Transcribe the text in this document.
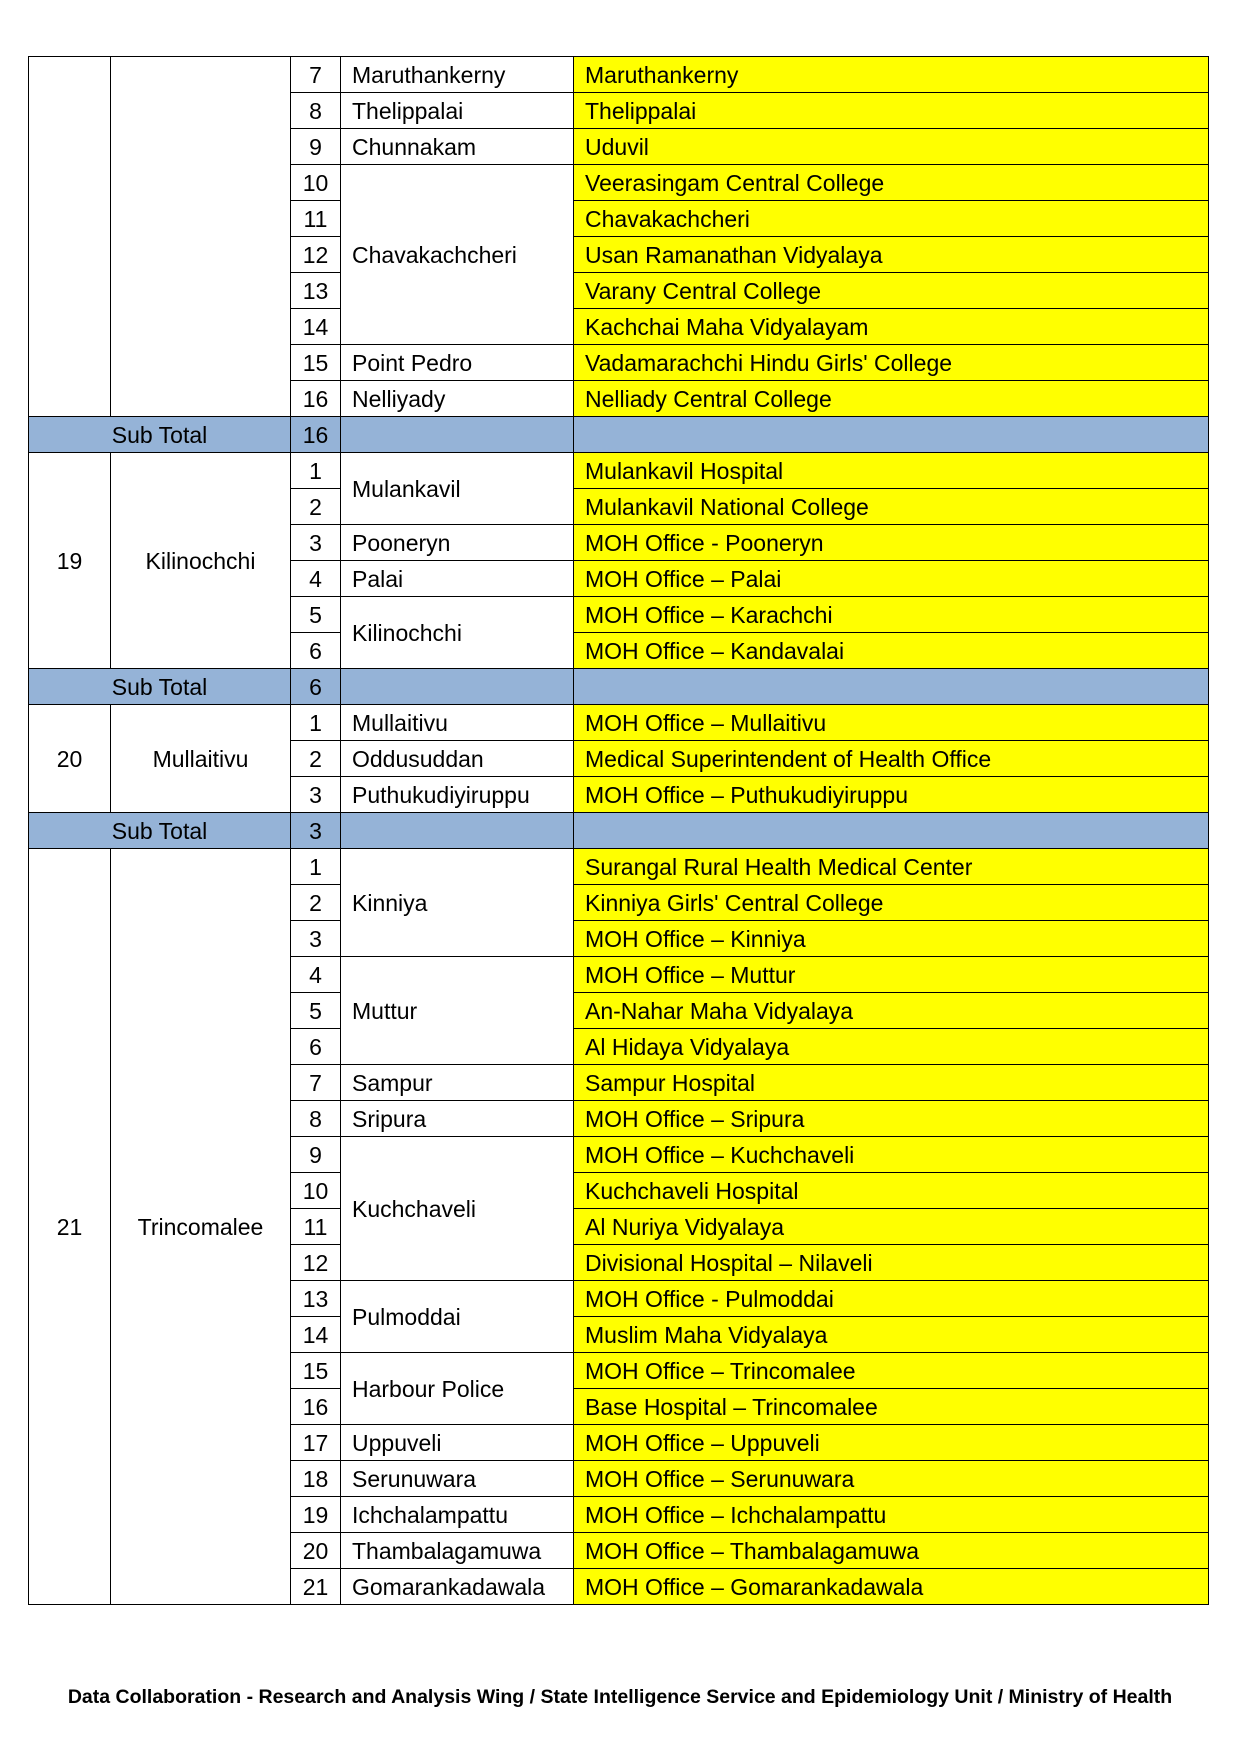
		7	Maruthankerny	Maruthankerny
		8	Thelippalai	Thelippalai
		9	Chunnakam	Uduvil
		10	Chavakachcheri	Veerasingam Central College
		11		Chavakachcheri
		12		Usan Ramanathan Vidyalaya
		13		Varany Central College
		14		Kachchai Maha Vidyalayam
		15	Point Pedro	Vadamarachchi Hindu Girls' College
		16	Nelliyady	Nelliady Central College
Sub Total		16		
19	Kilinochchi	1	Mulankavil	Mulankavil Hospital
		2		Mulankavil National College
		3	Pooneryn	MOH Office - Pooneryn
		4	Palai	MOH Office – Palai
		5	Kilinochchi	MOH Office – Karachchi
		6		MOH Office – Kandavalai
Sub Total		6		
20	Mullaitivu	1	Mullaitivu	MOH Office – Mullaitivu
		2	Oddusuddan	Medical Superintendent of Health Office
		3	Puthukudiyiruppu	MOH Office – Puthukudiyiruppu
Sub Total		3		
21	Trincomalee	1	Kinniya	Surangal Rural Health Medical Center
		2		Kinniya Girls' Central College
		3		MOH Office – Kinniya
		4	Muttur	MOH Office – Muttur
		5		An-Nahar Maha Vidyalaya
		6		Al Hidaya Vidyalaya
		7	Sampur	Sampur Hospital
		8	Sripura	MOH Office – Sripura
		9	Kuchchaveli	MOH Office – Kuchchaveli
		10		Kuchchaveli Hospital
		11		Al Nuriya Vidyalaya
		12		Divisional Hospital – Nilaveli
		13	Pulmoddai	MOH Office - Pulmoddai
		14		Muslim Maha Vidyalaya
		15	Harbour Police	MOH Office – Trincomalee
		16		Base Hospital – Trincomalee
		17	Uppuveli	MOH Office – Uppuveli
		18	Serunuwara	MOH Office – Serunuwara
		19	Ichchalampattu	MOH Office – Ichchalampattu
		20	Thambalagamuwa	MOH Office – Thambalagamuwa
		21	Gomarankadawala	MOH Office – Gomarankadawala
Data Collaboration - Research and Analysis Wing / State Intelligence Service and Epidemiology Unit / Ministry of Health
